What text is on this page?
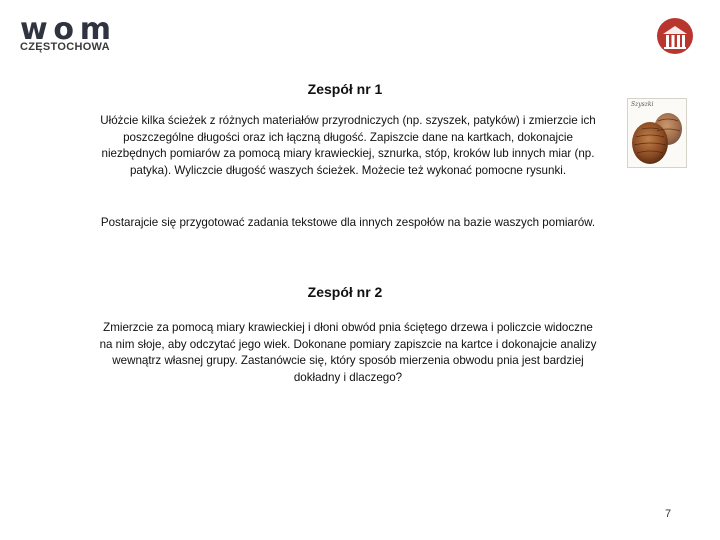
wom
CZĘSTOCHOWA
Szyszki
Zespół nr 1
Ułóżcie kilka ścieżek z różnych materiałów przyrodniczych (np. szyszek, patyków) i zmierzcie ich poszczególne długości oraz ich łączną długość. Zapiszcie dane na kartkach, dokonajcie niezbędnych pomiarów za pomocą miary krawieckiej, sznurka, stóp, kroków lub innych miar (np. patyka). Wyliczcie długość waszych ścieżek. Możecie też wykonać pomocne rysunki.
Postarajcie się przygotować zadania tekstowe dla innych zespołów na bazie waszych pomiarów.
Zespół nr 2
Zmierzcie za pomocą miary krawieckiej i dłoni obwód pnia ściętego drzewa i policzcie widoczne na nim słoje, aby odczytać jego wiek. Dokonane pomiary zapiszcie na kartce i dokonajcie analizy wewnątrz własnej grupy. Zastanówcie się, który sposób mierzenia obwodu pnia jest bardziej dokładny i dlaczego?
7
